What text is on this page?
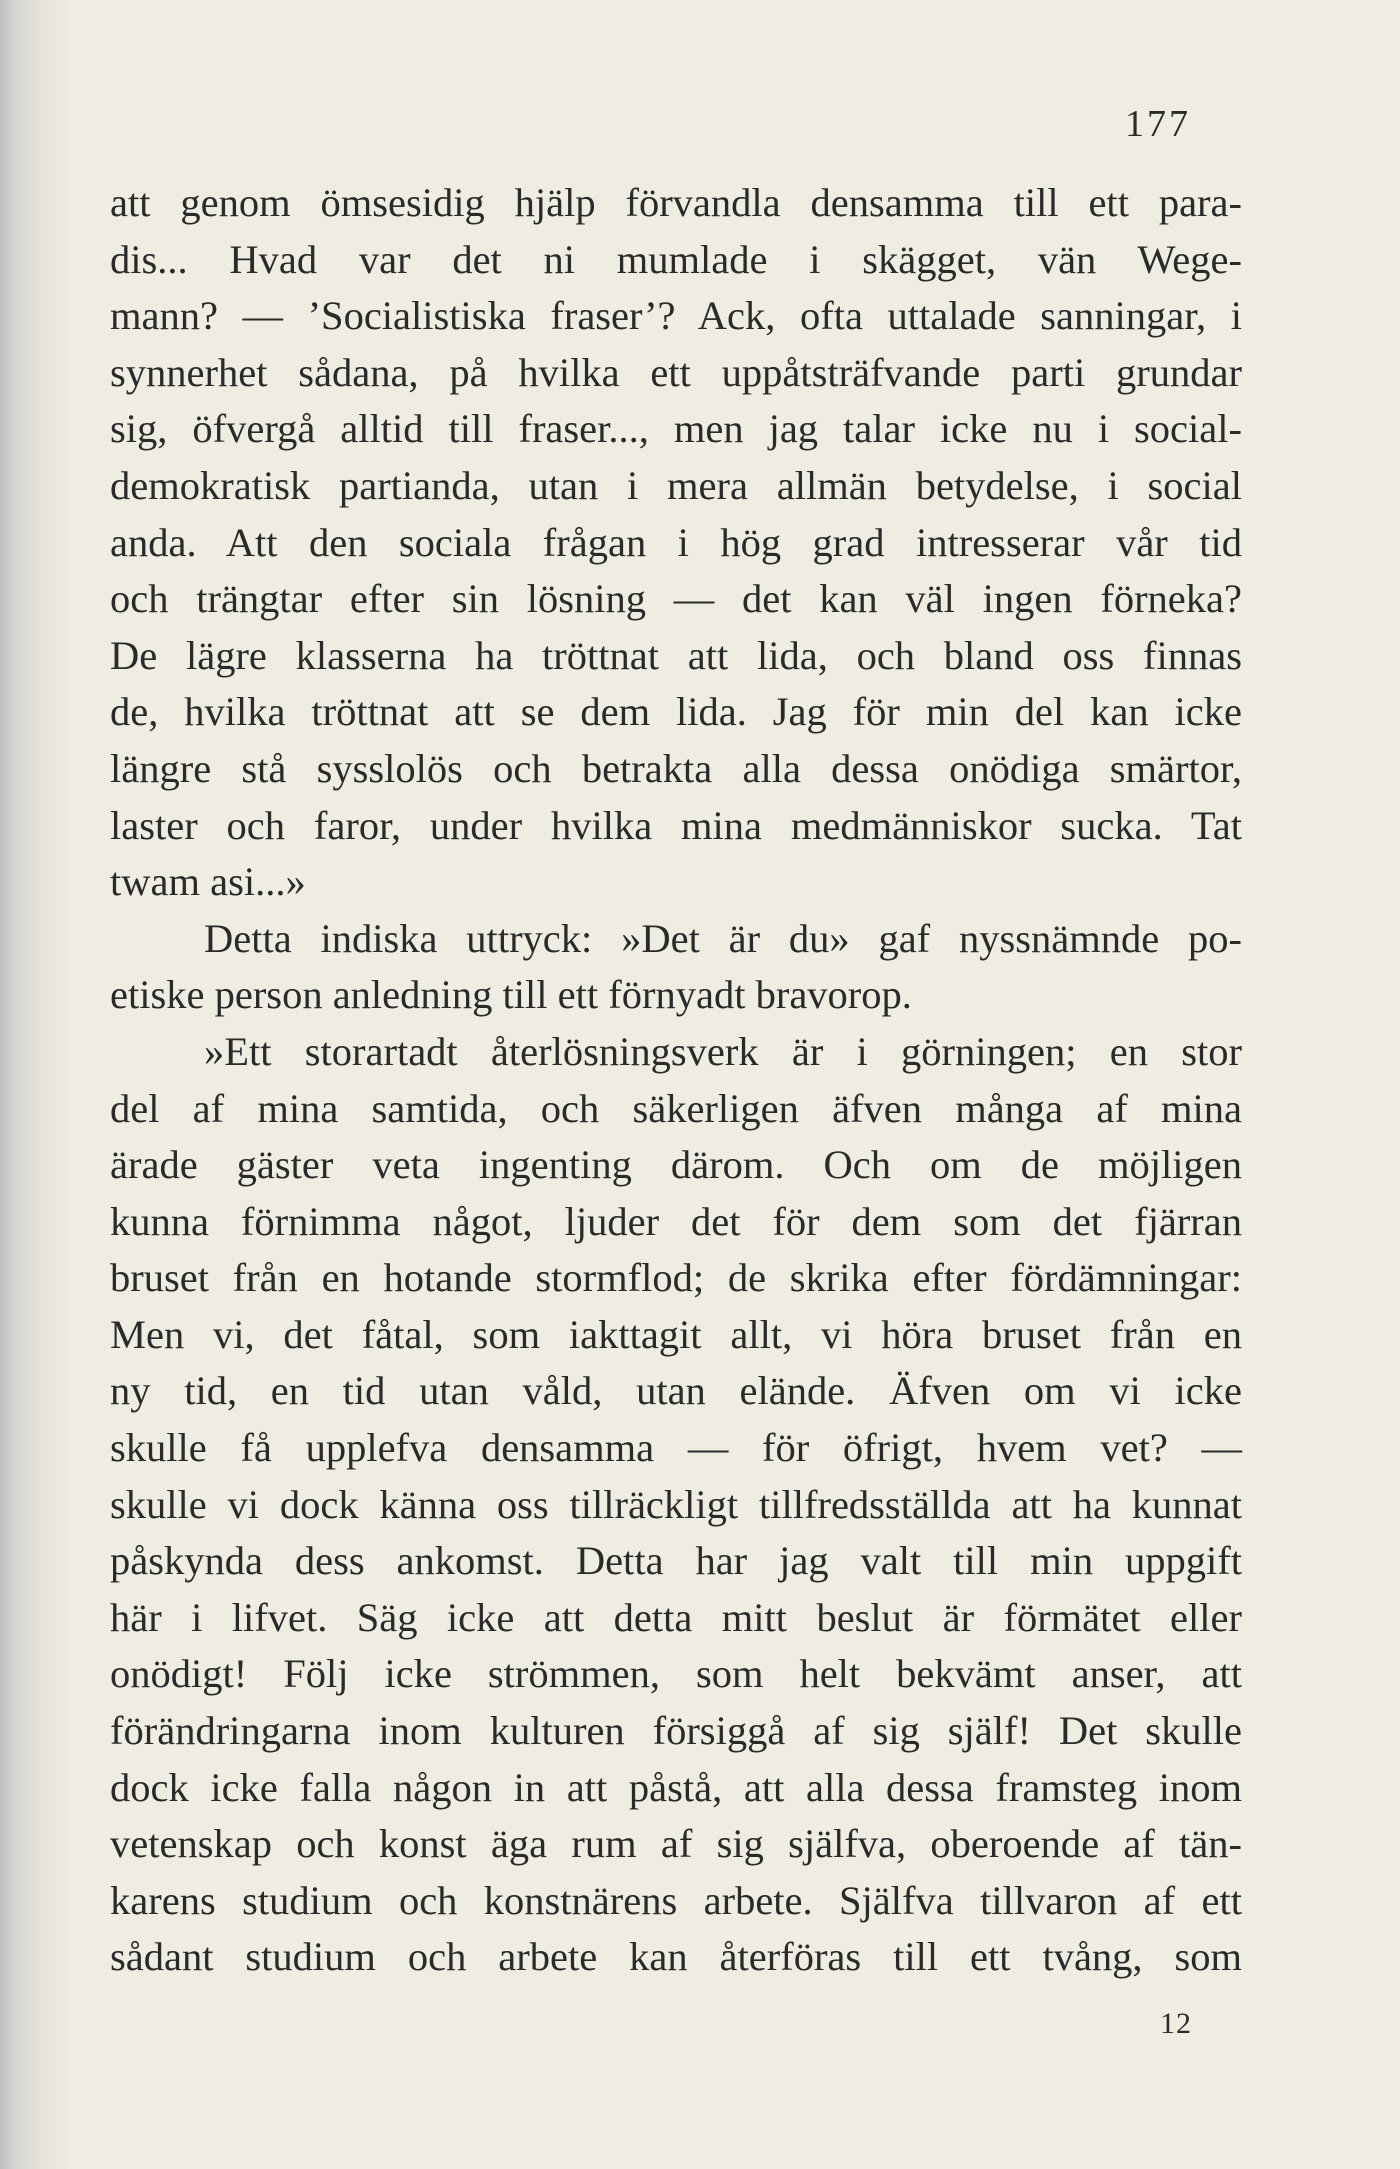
177
att genom ömsesidig hjälp förvandla densamma till ett para-
dis... Hvad var det ni mumlade i skägget, vän Wege-
mann? — ’Socialistiska fraser’? Ack, ofta uttalade sanningar, i
synnerhet sådana, på hvilka ett uppåtsträfvande parti grundar
sig, öfvergå alltid till fraser..., men jag talar icke nu i social-
demokratisk partianda, utan i mera allmän betydelse, i social
anda. Att den sociala frågan i hög grad intresserar vår tid
och trängtar efter sin lösning — det kan väl ingen förneka?
De lägre klasserna ha tröttnat att lida, och bland oss finnas
de, hvilka tröttnat att se dem lida. Jag för min del kan icke
längre stå sysslolös och betrakta alla dessa onödiga smärtor,
laster och faror, under hvilka mina medmänniskor sucka. Tat
twam asi...»
Detta indiska uttryck: »Det är du» gaf nyssnämnde po-
etiske person anledning till ett förnyadt bravorop.
»Ett storartadt återlösningsverk är i görningen; en stor
del af mina samtida, och säkerligen äfven många af mina
ärade gäster veta ingenting därom. Och om de möjligen
kunna förnimma något, ljuder det för dem som det fjärran
bruset från en hotande stormflod; de skrika efter fördämningar:
Men vi, det fåtal, som iakttagit allt, vi höra bruset från en
ny tid, en tid utan våld, utan elände. Äfven om vi icke
skulle få upplefva densamma — för öfrigt, hvem vet? —
skulle vi dock känna oss tillräckligt tillfredsställda att ha kunnat
påskynda dess ankomst. Detta har jag valt till min uppgift
här i lifvet. Säg icke att detta mitt beslut är förmätet eller
onödigt! Följ icke strömmen, som helt bekvämt anser, att
förändringarna inom kulturen försiggå af sig själf! Det skulle
dock icke falla någon in att påstå, att alla dessa framsteg inom
vetenskap och konst äga rum af sig själfva, oberoende af tän-
karens studium och konstnärens arbete. Själfva tillvaron af ett
sådant studium och arbete kan återföras till ett tvång, som
12
